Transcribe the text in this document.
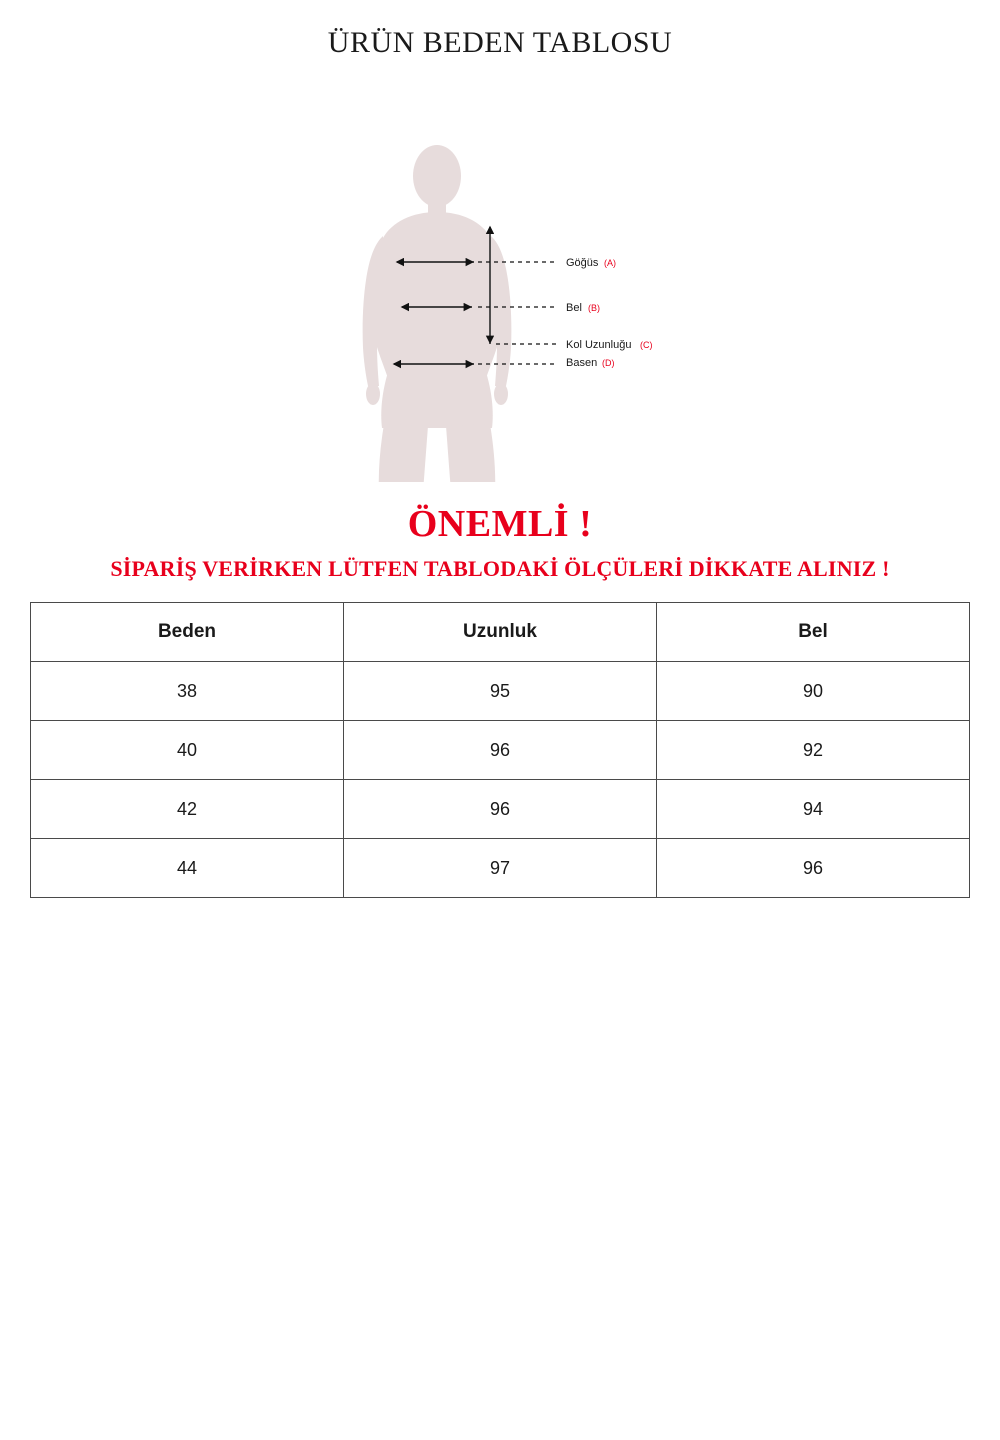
ÜRÜN BEDEN TABLOSU
Göğüs (A)
Bel (B)
Kol Uzunluğu (C)
Basen (D)
ÖNEMLİ !
SİPARİŞ VERİRKEN LÜTFEN TABLODAKİ ÖLÇÜLERİ DİKKATE ALINIZ !
Beden	Uzunluk	Bel
38	95	90
40	96	92
42	96	94
44	97	96
